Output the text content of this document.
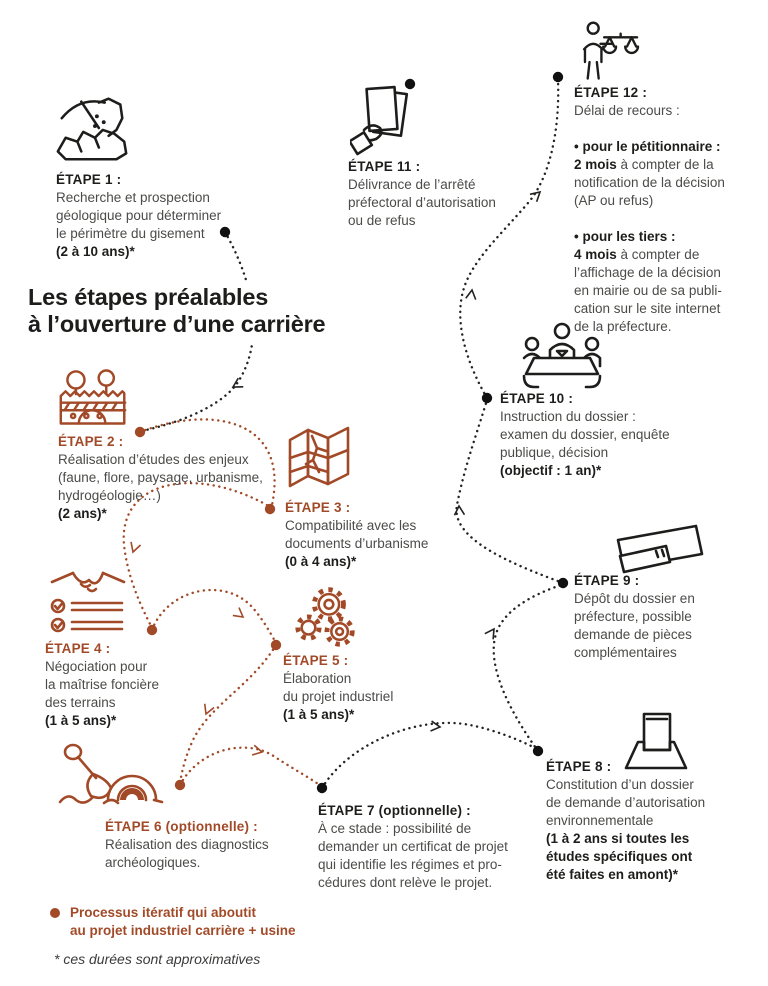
Les étapes préalables
à l’ouverture d’une carrière
ÉTAPE 1 :

Recherche et prospection
géologique pour déterminer
le périmètre du gisement
(2 à 10 ans)*

ÉTAPE 2 :

Réalisation d’études des enjeux
(faune, flore, paysage, urbanisme,
hydrogéologie…)
(2 ans)*	ÉTAPE 3 :

Compatibilité avec les
documents d’urbanisme
(0 à 4 ans)*

ÉTAPE 4 :

Négociation pour
la maîtrise foncière
des terrains
(1 à 5 ans)*

ÉTAPE 5 :

Élaboration
du projet industriel
(1 à 5 ans)*

ÉTAPE 6 (optionnelle) :

Réalisation des diagnostics
archéologiques.

ÉTAPE 7 (optionnelle) :

À ce stade : possibilité de
demander un certificat de projet
qui identifie les régimes et pro-
cédures dont relève le projet.

ÉTAPE 8 :

Constitution d’un dossier
de demande d’autorisation
environnementale
(1 à 2 ans si toutes les
études spécifiques ont
été faites en amont)*

ÉTAPE 9 :

Dépôt du dossier en
préfecture, possible
demande de pièces
complémentaires

ÉTAPE 10 :

Instruction du dossier :
examen du dossier, enquête
publique, décision
(objectif : 1 an)*

ÉTAPE 11 :

Délivrance de l’arrêté
préfectoral d’autorisation
ou de refus

ÉTAPE 12 :

Délai de recours :

• pour le pétitionnaire :
2 mois à compter de la
notification de la décision
(AP ou refus)

• pour les tiers :
4 mois à compter de
l’affichage de la décision
en mairie ou de sa publi-
cation sur le site internet
de la préfecture.

Processus itératif qui aboutit
au projet industriel carrière + usine
* ces durées sont approximatives
